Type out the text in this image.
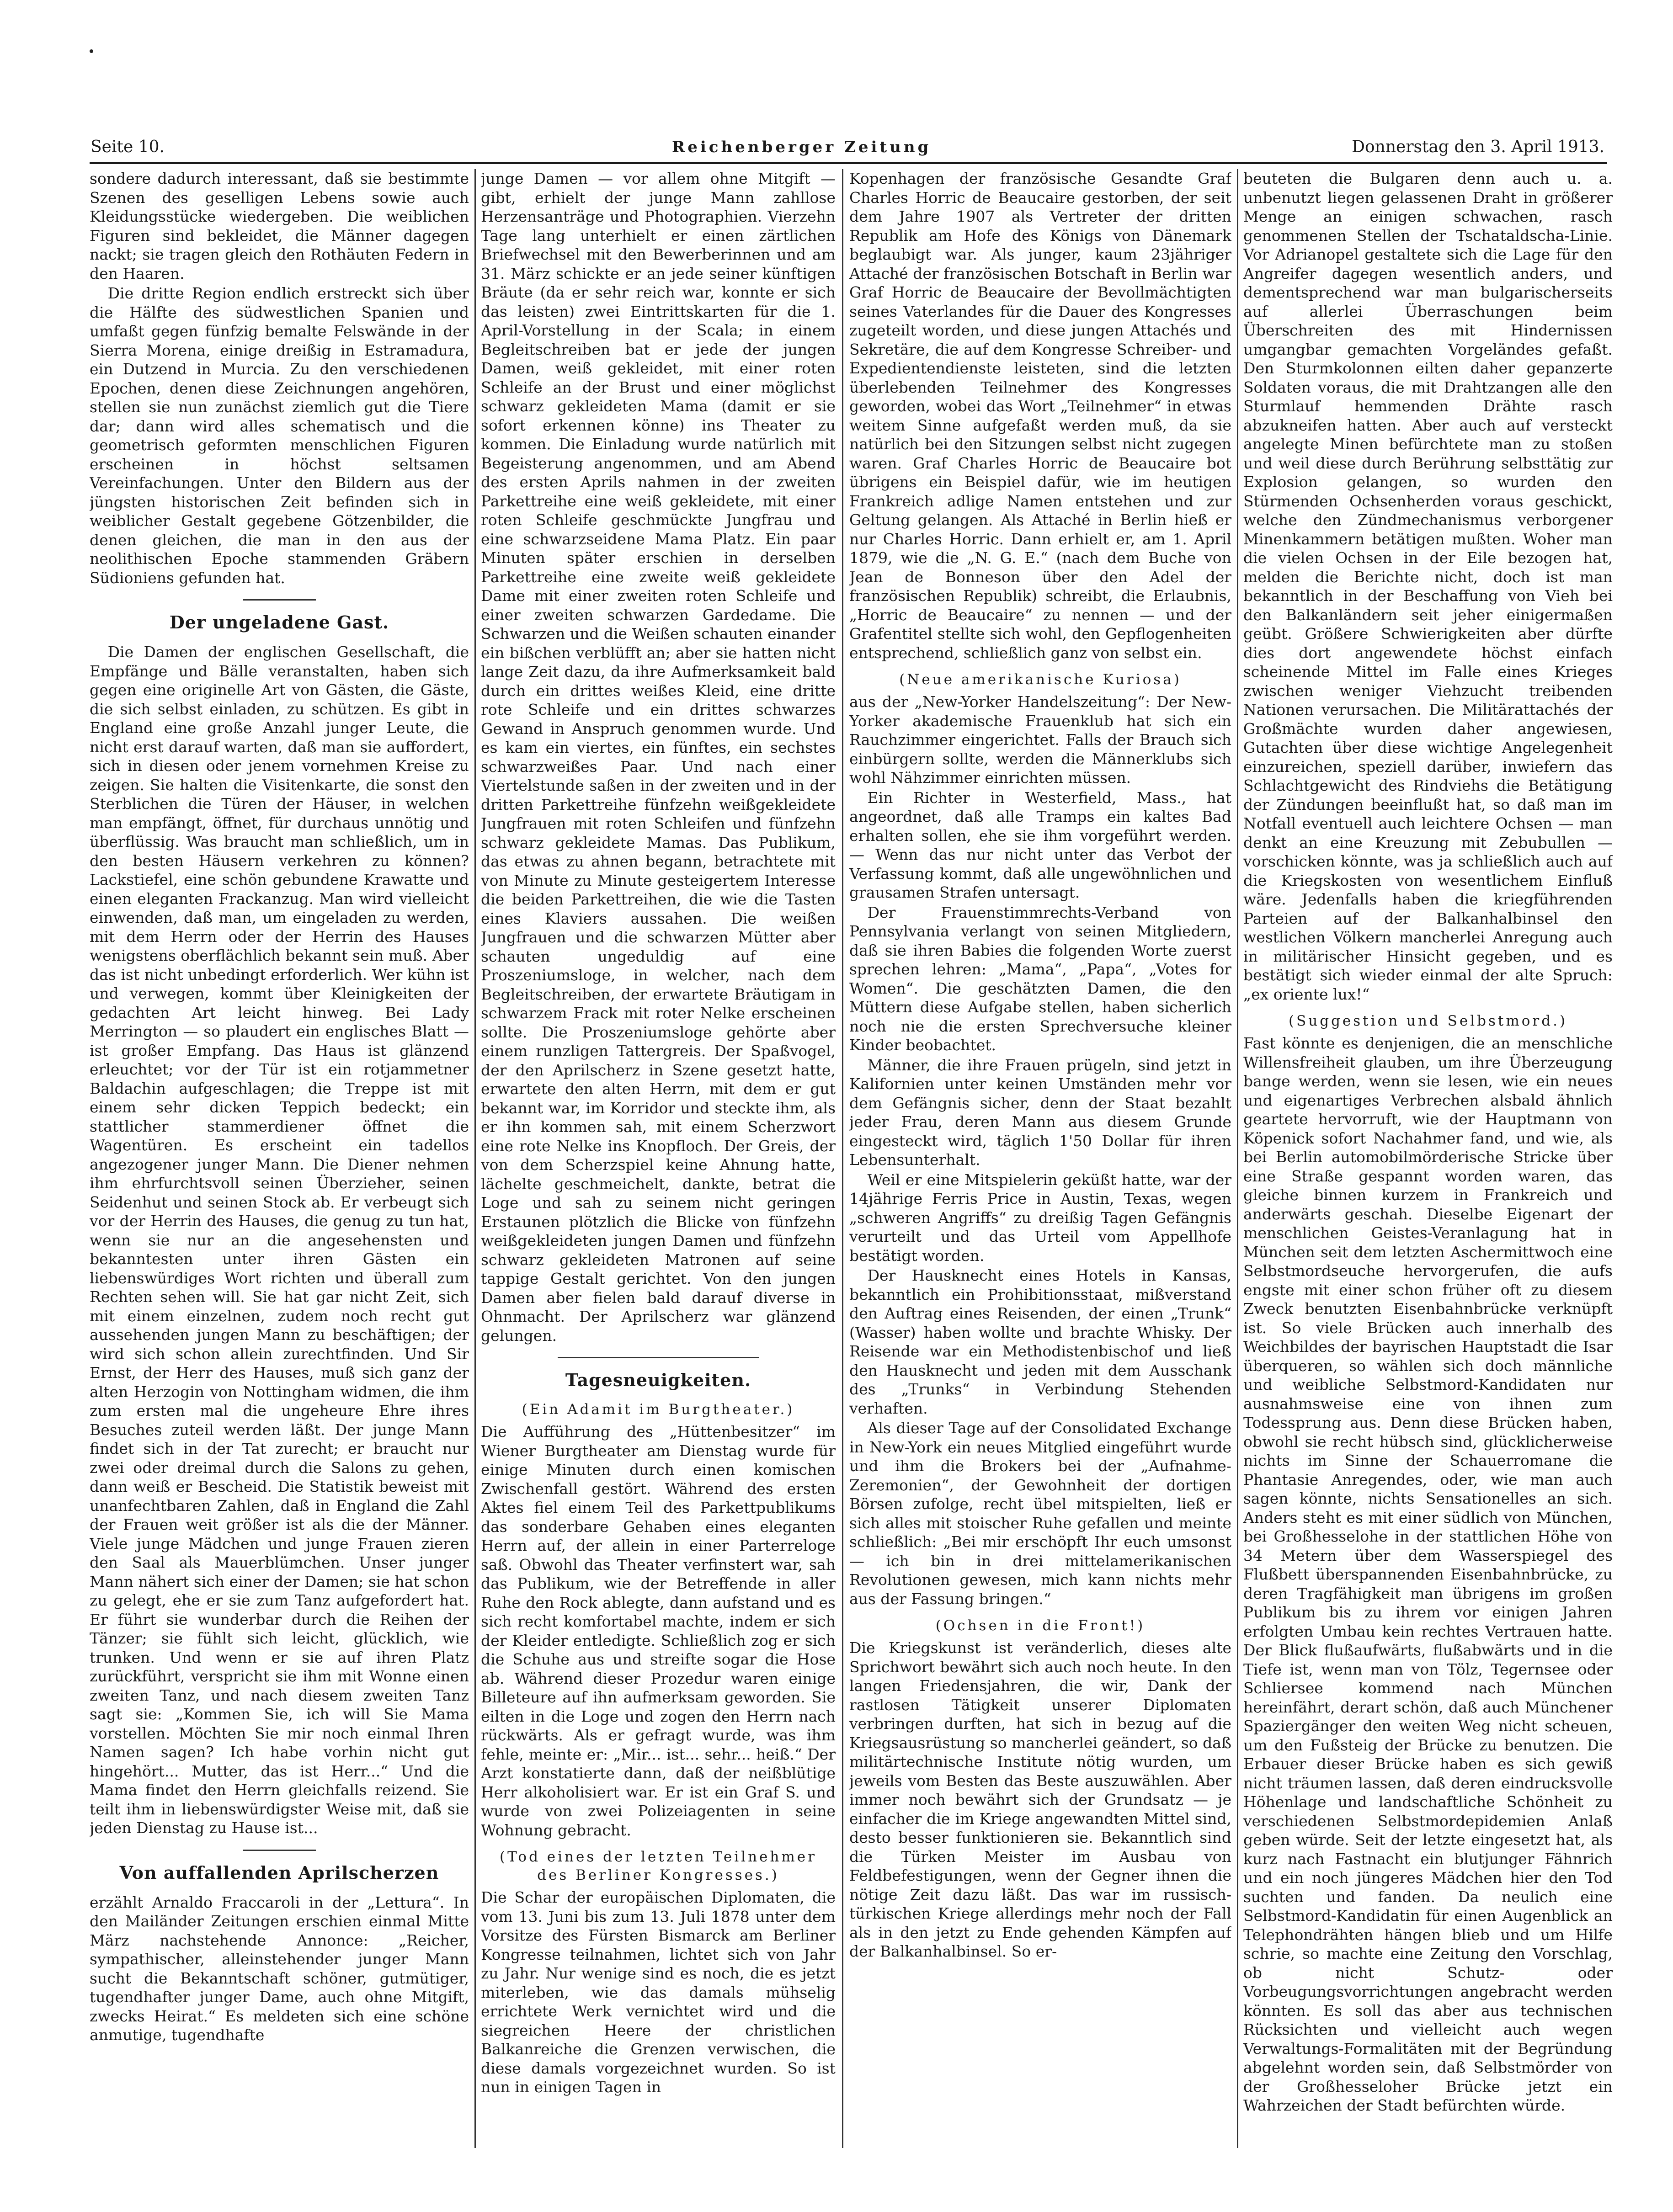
Seite 10.	Reichenberger Zeitung	Donnerstag den 3. April 1913.

sondere dadurch interessant, daß sie bestimmte Szenen des geselligen Lebens sowie auch Kleidungsstücke wiedergeben. Die weiblichen Figuren sind bekleidet, die Männer dagegen nackt; sie tragen gleich den Rothäuten Federn in den Haaren.

Die dritte Region endlich erstreckt sich über die Hälfte des südwestlichen Spanien und umfaßt gegen fünfzig bemalte Felswände in der Sierra Morena, einige dreißig in Estramadura, ein Dutzend in Murcia. Zu den verschiedenen Epochen, denen diese Zeichnungen angehören, stellen sie nun zunächst ziemlich gut die Tiere dar; dann wird alles schematisch und die geometrisch geformten menschlichen Figuren erscheinen in höchst seltsamen Vereinfachungen. Unter den Bildern aus der jüngsten historischen Zeit befinden sich in weiblicher Gestalt gegebene Götzenbilder, die denen gleichen, die man in den aus der neolithischen Epoche stammenden Gräbern Südioniens gefunden hat.

Der ungeladene Gast.

Die Damen der englischen Gesellschaft, die Empfänge und Bälle veranstalten, haben sich gegen eine originelle Art von Gästen, die Gäste, die sich selbst einladen, zu schützen. Es gibt in England eine große Anzahl junger Leute, die nicht erst darauf warten, daß man sie auffordert, sich in diesen oder jenem vornehmen Kreise zu zeigen. Sie halten die Visitenkarte, die sonst den Sterblichen die Türen der Häuser, in welchen man empfängt, öffnet, für durchaus unnötig und überflüssig. Was braucht man schließlich, um in den besten Häusern verkehren zu können? Lackstiefel, eine schön gebundene Krawatte und einen eleganten Frackanzug. Man wird vielleicht einwenden, daß man, um eingeladen zu werden, mit dem Herrn oder der Herrin des Hauses wenigstens oberflächlich bekannt sein muß. Aber das ist nicht unbedingt erforderlich. Wer kühn ist und verwegen, kommt über Kleinigkeiten der gedachten Art leicht hinweg. Bei Lady Merrington — so plaudert ein englisches Blatt — ist großer Empfang. Das Haus ist glänzend erleuchtet; vor der Tür ist ein rotjammetner Baldachin aufgeschlagen; die Treppe ist mit einem sehr dicken Teppich bedeckt; ein stattlicher stammerdiener öffnet die Wagentüren. Es erscheint ein tadellos angezogener junger Mann. Die Diener nehmen ihm ehrfurchtsvoll seinen Überzieher, seinen Seidenhut und seinen Stock ab. Er verbeugt sich vor der Herrin des Hauses, die genug zu tun hat, wenn sie nur an die angesehensten und bekanntesten unter ihren Gästen ein liebenswürdiges Wort richten und überall zum Rechten sehen will. Sie hat gar nicht Zeit, sich mit einem einzelnen, zudem noch recht gut aussehenden jungen Mann zu beschäftigen; der wird sich schon allein zurechtfinden. Und Sir Ernst, der Herr des Hauses, muß sich ganz der alten Herzogin von Nottingham widmen, die ihm zum ersten mal die ungeheure Ehre ihres Besuches zuteil werden läßt. Der junge Mann findet sich in der Tat zurecht; er braucht nur zwei oder dreimal durch die Salons zu gehen, dann weiß er Bescheid. Die Statistik beweist mit unanfechtbaren Zahlen, daß in England die Zahl der Frauen weit größer ist als die der Männer. Viele junge Mädchen und junge Frauen zieren den Saal als Mauerblümchen. Unser junger Mann nähert sich einer der Damen; sie hat schon zu gelegt, ehe er sie zum Tanz aufgefordert hat. Er führt sie wunderbar durch die Reihen der Tänzer; sie fühlt sich leicht, glücklich, wie trunken. Und wenn er sie auf ihren Platz zurückführt, verspricht sie ihm mit Wonne einen zweiten Tanz, und nach diesem zweiten Tanz sagt sie: „Kommen Sie, ich will Sie Mama vorstellen. Möchten Sie mir noch einmal Ihren Namen sagen? Ich habe vorhin nicht gut hingehört... Mutter, das ist Herr...“ Und die Mama findet den Herrn gleichfalls reizend. Sie teilt ihm in liebenswürdigster Weise mit, daß sie jeden Dienstag zu Hause ist...

Von auffallenden Aprilscherzen

erzählt Arnaldo Fraccaroli in der „Lettura“. In den Mailänder Zeitungen erschien einmal Mitte März nachstehende Annonce: „Reicher, sympathischer, alleinstehender junger Mann sucht die Bekanntschaft schöner, gutmütiger, tugendhafter junger Dame, auch ohne Mitgift, zwecks Heirat.“ Es meldeten sich eine schöne anmutige, tugendhafte

junge Damen — vor allem ohne Mitgift — gibt, erhielt der junge Mann zahllose Herzensanträge und Photographien. Vierzehn Tage lang unterhielt er einen zärtlichen Briefwechsel mit den Bewerberinnen und am 31. März schickte er an jede seiner künftigen Bräute (da er sehr reich war, konnte er sich das leisten) zwei Eintrittskarten für die 1. April-Vorstellung in der Scala; in einem Begleitschreiben bat er jede der jungen Damen, weiß gekleidet, mit einer roten Schleife an der Brust und einer möglichst schwarz gekleideten Mama (damit er sie sofort erkennen könne) ins Theater zu kommen. Die Einladung wurde natürlich mit Begeisterung angenommen, und am Abend des ersten Aprils nahmen in der zweiten Parkettreihe eine weiß gekleidete, mit einer roten Schleife geschmückte Jungfrau und eine schwarzseidene Mama Platz. Ein paar Minuten später erschien in derselben Parkettreihe eine zweite weiß gekleidete Dame mit einer zweiten roten Schleife und einer zweiten schwarzen Gardedame. Die Schwarzen und die Weißen schauten einander ein bißchen verblüfft an; aber sie hatten nicht lange Zeit dazu, da ihre Aufmerksamkeit bald durch ein drittes weißes Kleid, eine dritte rote Schleife und ein drittes schwarzes Gewand in Anspruch genommen wurde. Und es kam ein viertes, ein fünftes, ein sechstes schwarzweißes Paar. Und nach einer Viertelstunde saßen in der zweiten und in der dritten Parkettreihe fünfzehn weißgekleidete Jungfrauen mit roten Schleifen und fünfzehn schwarz gekleidete Mamas. Das Publikum, das etwas zu ahnen begann, betrachtete mit von Minute zu Minute gesteigertem Interesse die beiden Parkettreihen, die wie die Tasten eines Klaviers aussahen. Die weißen Jungfrauen und die schwarzen Mütter aber schauten ungeduldig auf eine Proszeniumsloge, in welcher, nach dem Begleitschreiben, der erwartete Bräutigam in schwarzem Frack mit roter Nelke erscheinen sollte. Die Proszeniumsloge gehörte aber einem runzligen Tattergreis. Der Spaßvogel, der den Aprilscherz in Szene gesetzt hatte, erwartete den alten Herrn, mit dem er gut bekannt war, im Korridor und steckte ihm, als er ihn kommen sah, mit einem Scherzwort eine rote Nelke ins Knopfloch. Der Greis, der von dem Scherzspiel keine Ahnung hatte, lächelte geschmeichelt, dankte, betrat die Loge und sah zu seinem nicht geringen Erstaunen plötzlich die Blicke von fünfzehn weißgekleideten jungen Damen und fünfzehn schwarz gekleideten Matronen auf seine tappige Gestalt gerichtet. Von den jungen Damen aber fielen bald darauf diverse in Ohnmacht. Der Aprilscherz war glänzend gelungen.

Tagesneuigkeiten.
(Ein Adamit im Burgtheater.)

Die Aufführung des „Hüttenbesitzer“ im Wiener Burgtheater am Dienstag wurde für einige Minuten durch einen komischen Zwischenfall gestört. Während des ersten Aktes fiel einem Teil des Parkettpublikums das sonderbare Gehaben eines eleganten Herrn auf, der allein in einer Parterreloge saß. Obwohl das Theater verfinstert war, sah das Publikum, wie der Betreffende in aller Ruhe den Rock ablegte, dann aufstand und es sich recht komfortabel machte, indem er sich der Kleider entledigte. Schließlich zog er sich die Schuhe aus und streifte sogar die Hose ab. Während dieser Prozedur waren einige Billeteure auf ihn aufmerksam geworden. Sie eilten in die Loge und zogen den Herrn nach rückwärts. Als er gefragt wurde, was ihm fehle, meinte er: „Mir... ist... sehr... heiß.“ Der Arzt konstatierte dann, daß der neißblütige Herr alkoholisiert war. Er ist ein Graf S. und wurde von zwei Polizeiagenten in seine Wohnung gebracht.

(Tod eines der letzten Teilnehmer des Berliner Kongresses.)

Die Schar der europäischen Diplomaten, die vom 13. Juni bis zum 13. Juli 1878 unter dem Vorsitze des Fürsten Bismarck am Berliner Kongresse teilnahmen, lichtet sich von Jahr zu Jahr. Nur wenige sind es noch, die es jetzt miterleben, wie das damals mühselig errichtete Werk vernichtet wird und die siegreichen Heere der christlichen Balkanreiche die Grenzen verwischen, die diese damals vorgezeichnet wurden. So ist nun in einigen Tagen in

Kopenhagen der französische Gesandte Graf Charles Horric de Beaucaire gestorben, der seit dem Jahre 1907 als Vertreter der dritten Republik am Hofe des Königs von Dänemark beglaubigt war. Als junger, kaum 23jähriger Attaché der französischen Botschaft in Berlin war Graf Horric de Beaucaire der Bevollmächtigten seines Vaterlandes für die Dauer des Kongresses zugeteilt worden, und diese jungen Attachés und Sekretäre, die auf dem Kongresse Schreiber- und Expedientendienste leisteten, sind die letzten überlebenden Teilnehmer des Kongresses geworden, wobei das Wort „Teilnehmer“ in etwas weitem Sinne aufgefaßt werden muß, da sie natürlich bei den Sitzungen selbst nicht zugegen waren. Graf Charles Horric de Beaucaire bot übrigens ein Beispiel dafür, wie im heutigen Frankreich adlige Namen entstehen und zur Geltung gelangen. Als Attaché in Berlin hieß er nur Charles Horric. Dann erhielt er, am 1. April 1879, wie die „N. G. E.“ (nach dem Buche von Jean de Bonneson über den Adel der französischen Republik) schreibt, die Erlaubnis, „Horric de Beaucaire“ zu nennen — und der Grafentitel stellte sich wohl, den Gepflogenheiten entsprechend, schließlich ganz von selbst ein.

(Neue amerikanische Kuriosa)

aus der „New-Yorker Handelszeitung“: Der New-Yorker akademische Frauenklub hat sich ein Rauchzimmer eingerichtet. Falls der Brauch sich einbürgern sollte, werden die Männerklubs sich wohl Nähzimmer einrichten müssen.

Ein Richter in Westerfield, Mass., hat angeordnet, daß alle Tramps ein kaltes Bad erhalten sollen, ehe sie ihm vorgeführt werden. — Wenn das nur nicht unter das Verbot der Verfassung kommt, daß alle ungewöhnlichen und grausamen Strafen untersagt.

Der Frauenstimmrechts-Verband von Pennsylvania verlangt von seinen Mitgliedern, daß sie ihren Babies die folgenden Worte zuerst sprechen lehren: „Mama“, „Papa“, „Votes for Women“. Die geschätzten Damen, die den Müttern diese Aufgabe stellen, haben sicherlich noch nie die ersten Sprechversuche kleiner Kinder beobachtet.

Männer, die ihre Frauen prügeln, sind jetzt in Kalifornien unter keinen Umständen mehr vor dem Gefängnis sicher, denn der Staat bezahlt jeder Frau, deren Mann aus diesem Grunde eingesteckt wird, täglich 1'50 Dollar für ihren Lebensunterhalt.

Weil er eine Mitspielerin geküßt hatte, war der 14jährige Ferris Price in Austin, Texas, wegen „schweren Angriffs“ zu dreißig Tagen Gefängnis verurteilt und das Urteil vom Appellhofe bestätigt worden.

Der Hausknecht eines Hotels in Kansas, bekanntlich ein Prohibitionsstaat, mißverstand den Auftrag eines Reisenden, der einen „Trunk“ (Wasser) haben wollte und brachte Whisky. Der Reisende war ein Methodistenbischof und ließ den Hausknecht und jeden mit dem Ausschank des „Trunks“ in Verbindung Stehenden verhaften.

Als dieser Tage auf der Consolidated Exchange in New-York ein neues Mitglied eingeführt wurde und ihm die Brokers bei der „Aufnahme-Zeremonien“, der Gewohnheit der dortigen Börsen zufolge, recht übel mitspielten, ließ er sich alles mit stoischer Ruhe gefallen und meinte schließlich: „Bei mir erschöpft Ihr euch umsonst — ich bin in drei mittelamerikanischen Revolutionen gewesen, mich kann nichts mehr aus der Fassung bringen.“

(Ochsen in die Front!)

Die Kriegskunst ist veränderlich, dieses alte Sprichwort bewährt sich auch noch heute. In den langen Friedensjahren, die wir, Dank der rastlosen Tätigkeit unserer Diplomaten verbringen durften, hat sich in bezug auf die Kriegsausrüstung so mancherlei geändert, so daß militärtechnische Institute nötig wurden, um jeweils vom Besten das Beste auszuwählen. Aber immer noch bewährt sich der Grundsatz — je einfacher die im Kriege angewandten Mittel sind, desto besser funktionieren sie. Bekanntlich sind die Türken Meister im Ausbau von Feldbefestigungen, wenn der Gegner ihnen die nötige Zeit dazu läßt. Das war im russisch-türkischen Kriege allerdings mehr noch der Fall als in den jetzt zu Ende gehenden Kämpfen auf der Balkanhalbinsel. So er-

beuteten die Bulgaren denn auch u. a. unbenutzt liegen gelassenen Draht in größerer Menge an einigen schwachen, rasch genommenen Stellen der Tschataldscha-Linie. Vor Adrianopel gestaltete sich die Lage für den Angreifer dagegen wesentlich anders, und dementsprechend war man bulgarischerseits auf allerlei Überraschungen beim Überschreiten des mit Hindernissen umgangbar gemachten Vorgeländes gefaßt. Den Sturmkolonnen eilten daher gepanzerte Soldaten voraus, die mit Drahtzangen alle den Sturmlauf hemmenden Drähte rasch abzukneifen hatten. Aber auch auf versteckt angelegte Minen befürchtete man zu stoßen und weil diese durch Berührung selbsttätig zur Explosion gelangen, so wurden den Stürmenden Ochsenherden voraus geschickt, welche den Zündmechanismus verborgener Minenkammern betätigen mußten. Woher man die vielen Ochsen in der Eile bezogen hat, melden die Berichte nicht, doch ist man bekanntlich in der Beschaffung von Vieh bei den Balkanländern seit jeher einigermaßen geübt. Größere Schwierigkeiten aber dürfte dies dort angewendete höchst einfach scheinende Mittel im Falle eines Krieges zwischen weniger Viehzucht treibenden Nationen verursachen. Die Militärattachés der Großmächte wurden daher angewiesen, Gutachten über diese wichtige Angelegenheit einzureichen, speziell darüber, inwiefern das Schlachtgewicht des Rindviehs die Betätigung der Zündungen beeinflußt hat, so daß man im Notfall eventuell auch leichtere Ochsen — man denkt an eine Kreuzung mit Zebubullen — vorschicken könnte, was ja schließlich auch auf die Kriegskosten von wesentlichem Einfluß wäre. Jedenfalls haben die kriegführenden Parteien auf der Balkanhalbinsel den westlichen Völkern mancherlei Anregung auch in militärischer Hinsicht gegeben, und es bestätigt sich wieder einmal der alte Spruch: „ex oriente lux!“

(Suggestion und Selbstmord.)

Fast könnte es denjenigen, die an menschliche Willensfreiheit glauben, um ihre Überzeugung bange werden, wenn sie lesen, wie ein neues und eigenartiges Verbrechen alsbald ähnlich geartete hervorruft, wie der Hauptmann von Köpenick sofort Nachahmer fand, und wie, als bei Berlin automobilmörderische Stricke über eine Straße gespannt worden waren, das gleiche binnen kurzem in Frankreich und anderwärts geschah. Dieselbe Eigenart der menschlichen Geistes-Veranlagung hat in München seit dem letzten Aschermittwoch eine Selbstmordseuche hervorgerufen, die aufs engste mit einer schon früher oft zu diesem Zweck benutzten Eisenbahnbrücke verknüpft ist. So viele Brücken auch innerhalb des Weichbildes der bayrischen Hauptstadt die Isar überqueren, so wählen sich doch männliche und weibliche Selbstmord-Kandidaten nur ausnahmsweise eine von ihnen zum Todessprung aus. Denn diese Brücken haben, obwohl sie recht hübsch sind, glücklicherweise nichts im Sinne der Schauerromane die Phantasie Anregendes, oder, wie man auch sagen könnte, nichts Sensationelles an sich. Anders steht es mit einer südlich von München, bei Großhesselohe in der stattlichen Höhe von 34 Metern über dem Wasserspiegel des Flußbett überspannenden Eisenbahnbrücke, zu deren Tragfähigkeit man übrigens im großen Publikum bis zu ihrem vor einigen Jahren erfolgten Umbau kein rechtes Vertrauen hatte. Der Blick flußaufwärts, flußabwärts und in die Tiefe ist, wenn man von Tölz, Tegernsee oder Schliersee kommend nach München hereinfährt, derart schön, daß auch Münchener Spaziergänger den weiten Weg nicht scheuen, um den Fußsteig der Brücke zu benutzen. Die Erbauer dieser Brücke haben es sich gewiß nicht träumen lassen, daß deren eindrucksvolle Höhenlage und landschaftliche Schönheit zu verschiedenen Selbstmordepidemien Anlaß geben würde. Seit der letzte eingesetzt hat, als kurz nach Fastnacht ein blutjunger Fähnrich und ein noch jüngeres Mädchen hier den Tod suchten und fanden. Da neulich eine Selbstmord-Kandidatin für einen Augenblick an Telephondrähten hängen blieb und um Hilfe schrie, so machte eine Zeitung den Vorschlag, ob nicht Schutz- oder Vorbeugungsvorrichtungen angebracht werden könnten. Es soll das aber aus technischen Rücksichten und vielleicht auch wegen Verwaltungs-Formalitäten mit der Begründung abgelehnt worden sein, daß Selbstmörder von der Großhesseloher Brücke jetzt ein Wahrzeichen der Stadt befürchten würde.
